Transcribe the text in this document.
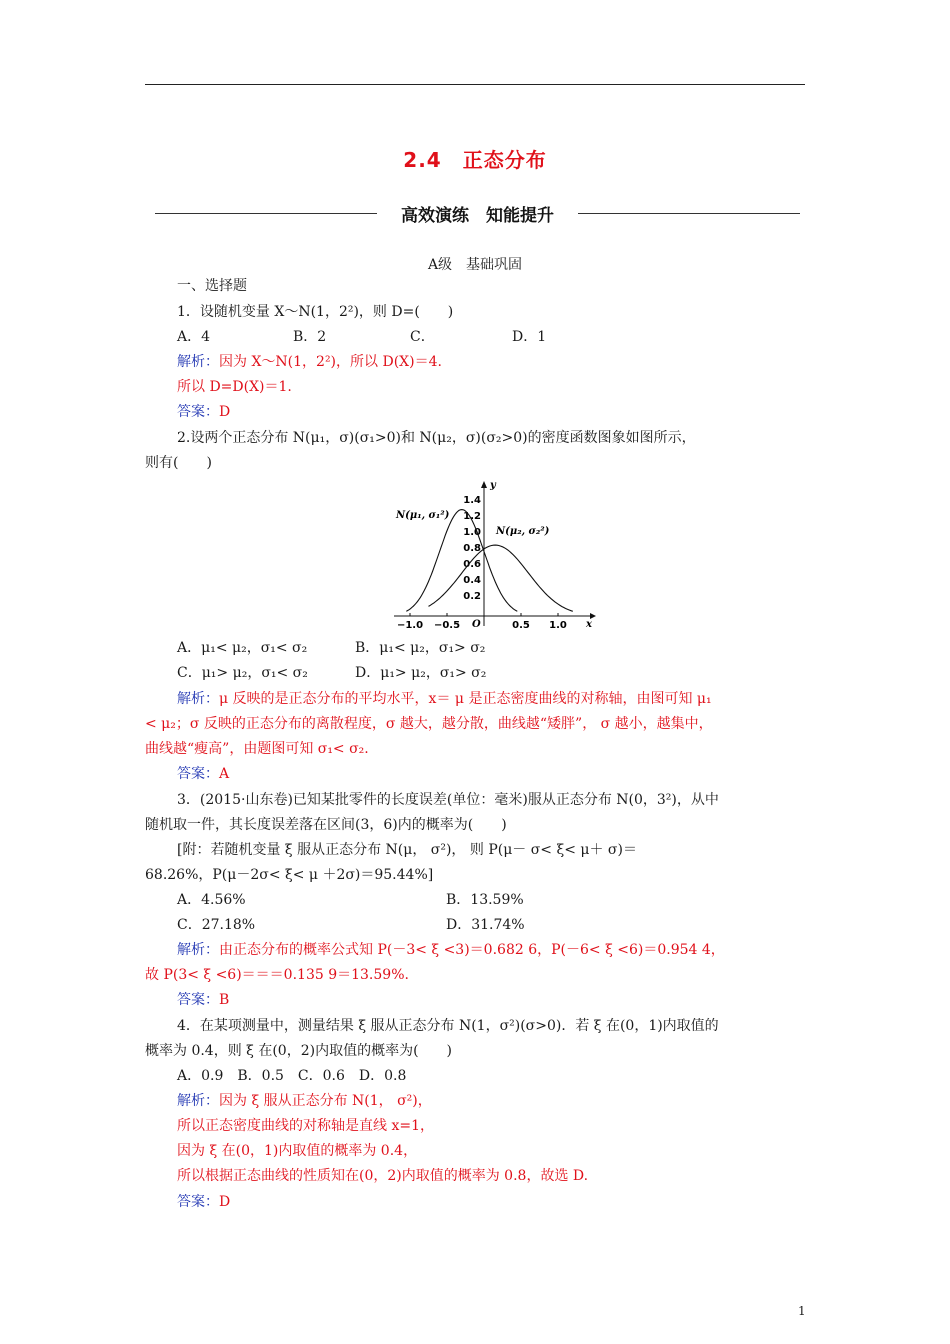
2.4　正态分布
高效演练　知能提升
A级　基础巩固
一、选择题
1．设随机变量 X～N(1，2²)，则 D=(　　)
A．4	B．2	C．	D．1
解析：因为 X～N(1，2²)，所以 D(X)＝4.
所以 D=D(X)＝1.
答案：D
2.设两个正态分布 N(μ₁，σ)(σ₁>0)和 N(μ₂，σ)(σ₂>0)的密度函数图象如图所示，
则有(　　)
y
x
O
1.4
1.2
1.0
0.8
0.6
0.4
0.2
−1.0 −0.5	0.5 1.0
N(μ₁, σ₁²)
N(μ₂, σ₂²)
A．μ₁< μ₂，σ₁< σ₂	B．μ₁< μ₂，σ₁> σ₂
C．μ₁> μ₂，σ₁< σ₂	D．μ₁> μ₂，σ₁> σ₂
解析：μ 反映的是正态分布的平均水平，x＝ μ 是正态密度曲线的对称轴，由图可知 μ₁
< μ₂；σ 反映的正态分布的离散程度，σ 越大，越分散，曲线越“矮胖”， σ 越小，越集中，
曲线越“瘦高”，由题图可知 σ₁< σ₂.
答案：A
3．(2015·山东卷)已知某批零件的长度误差(单位：毫米)服从正态分布 N(0，3²)，从中
随机取一件，其长度误差落在区间(3，6)内的概率为(　　)
[附：若随机变量 ξ 服从正态分布 N(μ， σ²)， 则 P(μ－ σ< ξ< μ＋ σ)＝
68.26%，P(μ－2σ< ξ< μ ＋2σ)＝95.44%]
A．4.56%	B．13.59%
C．27.18%	D．31.74%
解析：由正态分布的概率公式知 P(－3< ξ <3)＝0.682 6，P(－6< ξ <6)＝0.954 4，
故 P(3< ξ <6)＝＝＝0.135 9＝13.59%.
答案：B
4．在某项测量中，测量结果 ξ 服从正态分布 N(1，σ²)(σ>0)．若 ξ 在(0，1)内取值的
概率为 0.4，则 ξ 在(0，2)内取值的概率为(　　)
A．0.9　B．0.5　C．0.6　D．0.8
解析：因为 ξ 服从正态分布 N(1， σ²)，
所以正态密度曲线的对称轴是直线 x=1，
因为 ξ 在(0，1)内取值的概率为 0.4，
所以根据正态曲线的性质知在(0，2)内取值的概率为 0.8，故选 D.
答案：D
1
